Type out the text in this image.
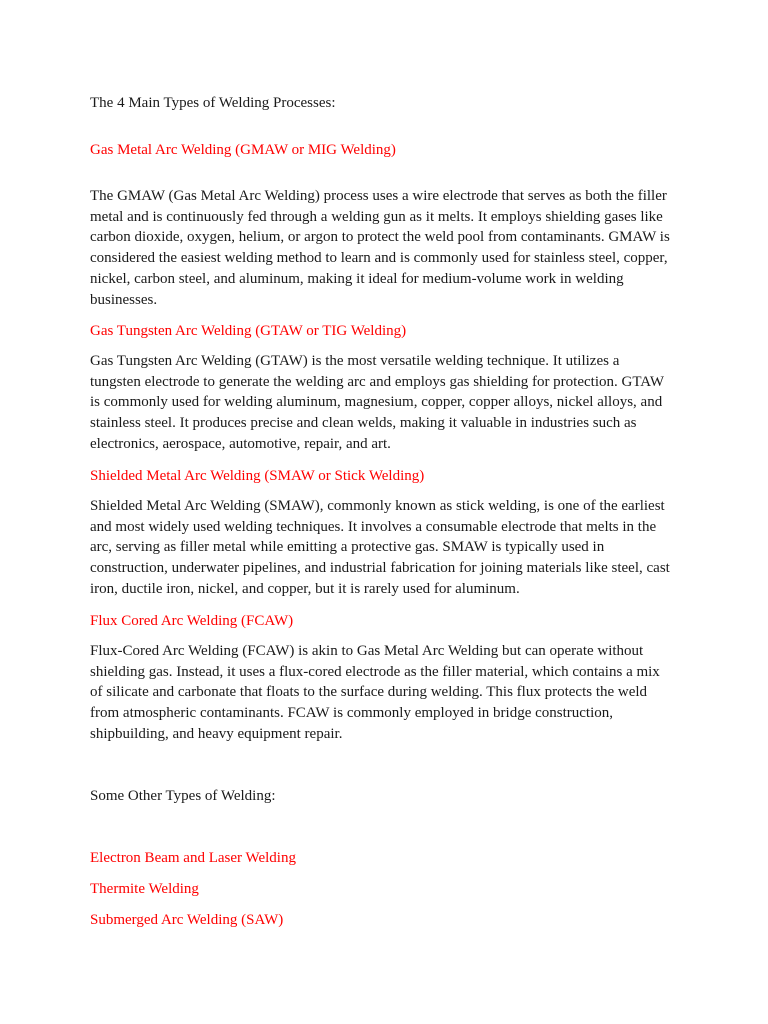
The 4 Main Types of Welding Processes:

Gas Metal Arc Welding (GMAW or MIG Welding)

The GMAW (Gas Metal Arc Welding) process uses a wire electrode that serves as both the filler
metal and is continuously fed through a welding gun as it melts. It employs shielding gases like
carbon dioxide, oxygen, helium, or argon to protect the weld pool from contaminants. GMAW is
considered the easiest welding method to learn and is commonly used for stainless steel, copper,
nickel, carbon steel, and aluminum, making it ideal for medium-volume work in welding
businesses.

Gas Tungsten Arc Welding (GTAW or TIG Welding)

Gas Tungsten Arc Welding (GTAW) is the most versatile welding technique. It utilizes a
tungsten electrode to generate the welding arc and employs gas shielding for protection. GTAW
is commonly used for welding aluminum, magnesium, copper, copper alloys, nickel alloys, and
stainless steel. It produces precise and clean welds, making it valuable in industries such as
electronics, aerospace, automotive, repair, and art.

Shielded Metal Arc Welding (SMAW or Stick Welding)

Shielded Metal Arc Welding (SMAW), commonly known as stick welding, is one of the earliest
and most widely used welding techniques. It involves a consumable electrode that melts in the
arc, serving as filler metal while emitting a protective gas. SMAW is typically used in
construction, underwater pipelines, and industrial fabrication for joining materials like steel, cast
iron, ductile iron, nickel, and copper, but it is rarely used for aluminum.

Flux Cored Arc Welding (FCAW)

Flux-Cored Arc Welding (FCAW) is akin to Gas Metal Arc Welding but can operate without
shielding gas. Instead, it uses a flux-cored electrode as the filler material, which contains a mix
of silicate and carbonate that floats to the surface during welding. This flux protects the weld
from atmospheric contaminants. FCAW is commonly employed in bridge construction,
shipbuilding, and heavy equipment repair.

Some Other Types of Welding:

Electron Beam and Laser Welding

Thermite Welding

Submerged Arc Welding (SAW)
